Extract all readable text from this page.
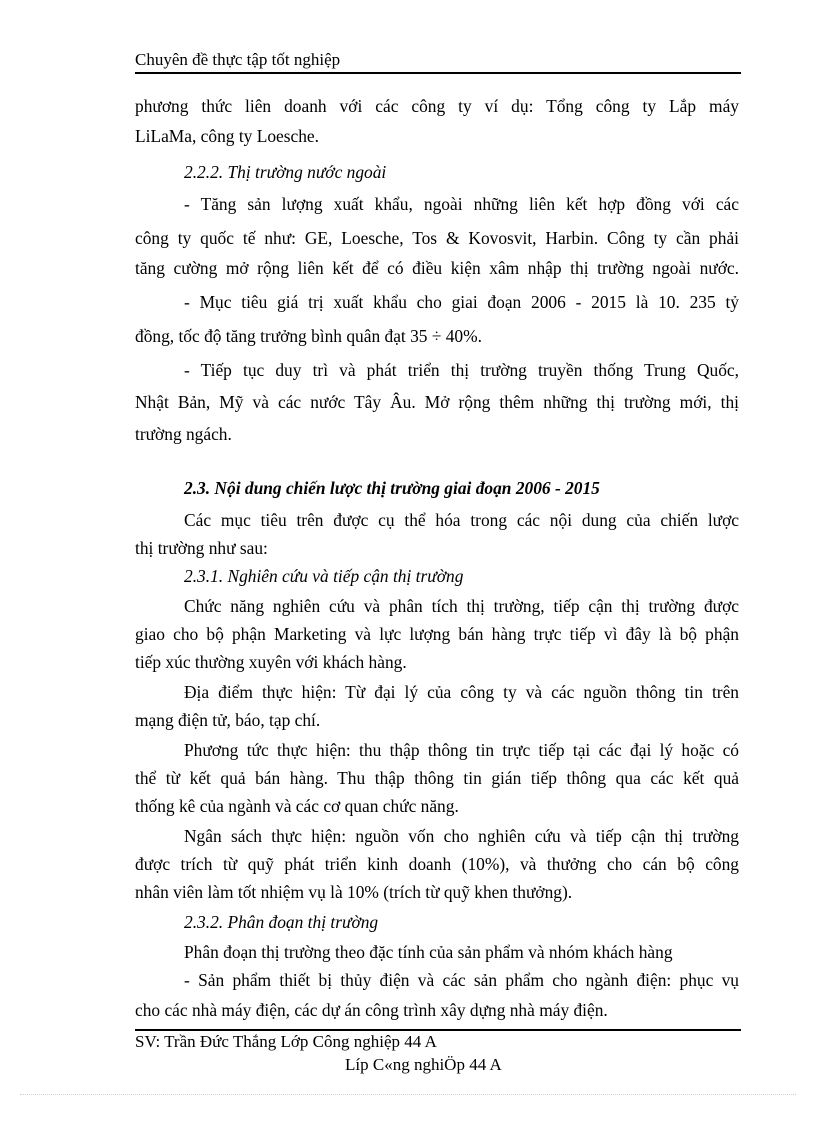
Chuyên đề thực tập tốt nghiệp
phương thức liên doanh với các công ty ví dụ: Tổng công ty Lắp máy
LiLaMa, công ty Loesche.
2.2.2. Thị trường nước ngoài
- Tăng sản lượng xuất khẩu, ngoài những liên kết hợp đồng với các
công ty quốc tế như: GE, Loesche, Tos & Kovosvit, Harbin. Công ty cần phải
tăng cường mở rộng liên kết để có điều kiện xâm nhập thị trường ngoài nước.
- Mục tiêu giá trị xuất khẩu cho giai đoạn 2006 - 2015 là 10. 235 tỷ
đồng, tốc độ tăng trưởng bình quân đạt 35 ÷ 40%.
- Tiếp tục duy trì và phát triển thị trường truyền thống Trung Quốc,
Nhật Bản, Mỹ và các nước Tây Âu. Mở rộng thêm những thị trường mới, thị
trường ngách.
2.3. Nội dung chiến lược thị trường giai đoạn 2006 - 2015
Các mục tiêu trên được cụ thể hóa trong các nội dung của chiến lược
thị trường như sau:
2.3.1. Nghiên cứu và tiếp cận thị trường
Chức năng nghiên cứu và phân tích thị trường, tiếp cận thị trường được
giao cho bộ phận Marketing và lực lượng bán hàng trực tiếp vì đây là bộ phận
tiếp xúc thường xuyên với khách hàng.
Địa điểm thực hiện: Từ đại lý của công ty và các nguồn thông tin trên
mạng điện tử, báo, tạp chí.
Phương tức thực hiện: thu thập thông tin trực tiếp tại các đại lý hoặc có
thể từ kết quả bán hàng. Thu thập thông tin gián tiếp thông qua các kết quả
thống kê của ngành và các cơ quan chức năng.
Ngân sách thực hiện: nguồn vốn cho nghiên cứu và tiếp cận thị trường
được trích từ quỹ phát triển kinh doanh (10%), và thưởng cho cán bộ công
nhân viên làm tốt nhiệm vụ là 10% (trích từ quỹ khen thưởng).
2.3.2. Phân đoạn thị trường
Phân đoạn thị trường theo đặc tính của sản phẩm và nhóm khách hàng
- Sản phẩm thiết bị thủy điện và các sản phẩm cho ngành điện: phục vụ
cho các nhà máy điện, các dự án công trình xây dựng nhà máy điện.
SV: Trần Đức Thắng Lớp Công nghiệp 44 A
Líp C«ng nghiÖp 44 A
